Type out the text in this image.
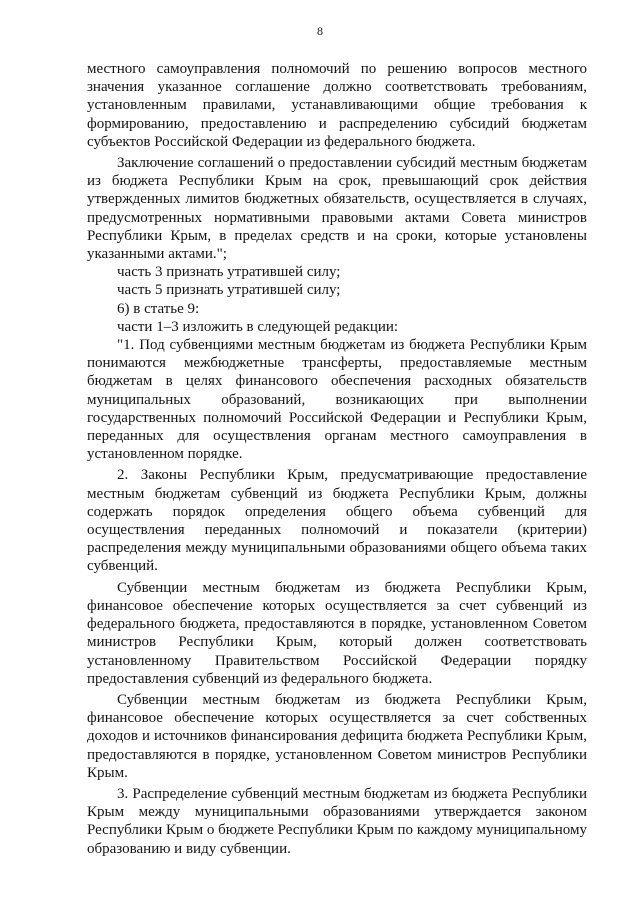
8

местного самоуправления полномочий по решению вопросов местного значения указанное соглашение должно соответствовать требованиям, установленным правилами, устанавливающими общие требования к формированию, предоставлению и распределению субсидий бюджетам субъектов Российской Федерации из федерального бюджета.

Заключение соглашений о предоставлении субсидий местным бюджетам из бюджета Республики Крым на срок, превышающий срок действия утвержденных лимитов бюджетных обязательств, осуществляется в случаях, предусмотренных нормативными правовыми актами Совета министров Республики Крым, в пределах средств и на сроки, которые установлены указанными актами.";

часть 3 признать утратившей силу;

часть 5 признать утратившей силу;

6) в статье 9:

части 1–3 изложить в следующей редакции:

"1. Под субвенциями местным бюджетам из бюджета Республики Крым понимаются межбюджетные трансферты, предоставляемые местным бюджетам в целях финансового обеспечения расходных обязательств муниципальных образований, возникающих при выполнении государственных полномочий Российской Федерации и Республики Крым, переданных для осуществления органам местного самоуправления в установленном порядке.

2. Законы Республики Крым, предусматривающие предоставление местным бюджетам субвенций из бюджета Республики Крым, должны содержать порядок определения общего объема субвенций для осуществления переданных полномочий и показатели (критерии) распределения между муниципальными образованиями общего объема таких субвенций.

Субвенции местным бюджетам из бюджета Республики Крым, финансовое обеспечение которых осуществляется за счет субвенций из федерального бюджета, предоставляются в порядке, установленном Советом министров Республики Крым, который должен соответствовать установленному Правительством Российской Федерации порядку предоставления субвенций из федерального бюджета.

Субвенции местным бюджетам из бюджета Республики Крым, финансовое обеспечение которых осуществляется за счет собственных доходов и источников финансирования дефицита бюджета Республики Крым, предоставляются в порядке, установленном Советом министров Республики Крым.

3. Распределение субвенций местным бюджетам из бюджета Республики Крым между муниципальными образованиями утверждается законом Республики Крым о бюджете Республики Крым по каждому муниципальному образованию и виду субвенции.
